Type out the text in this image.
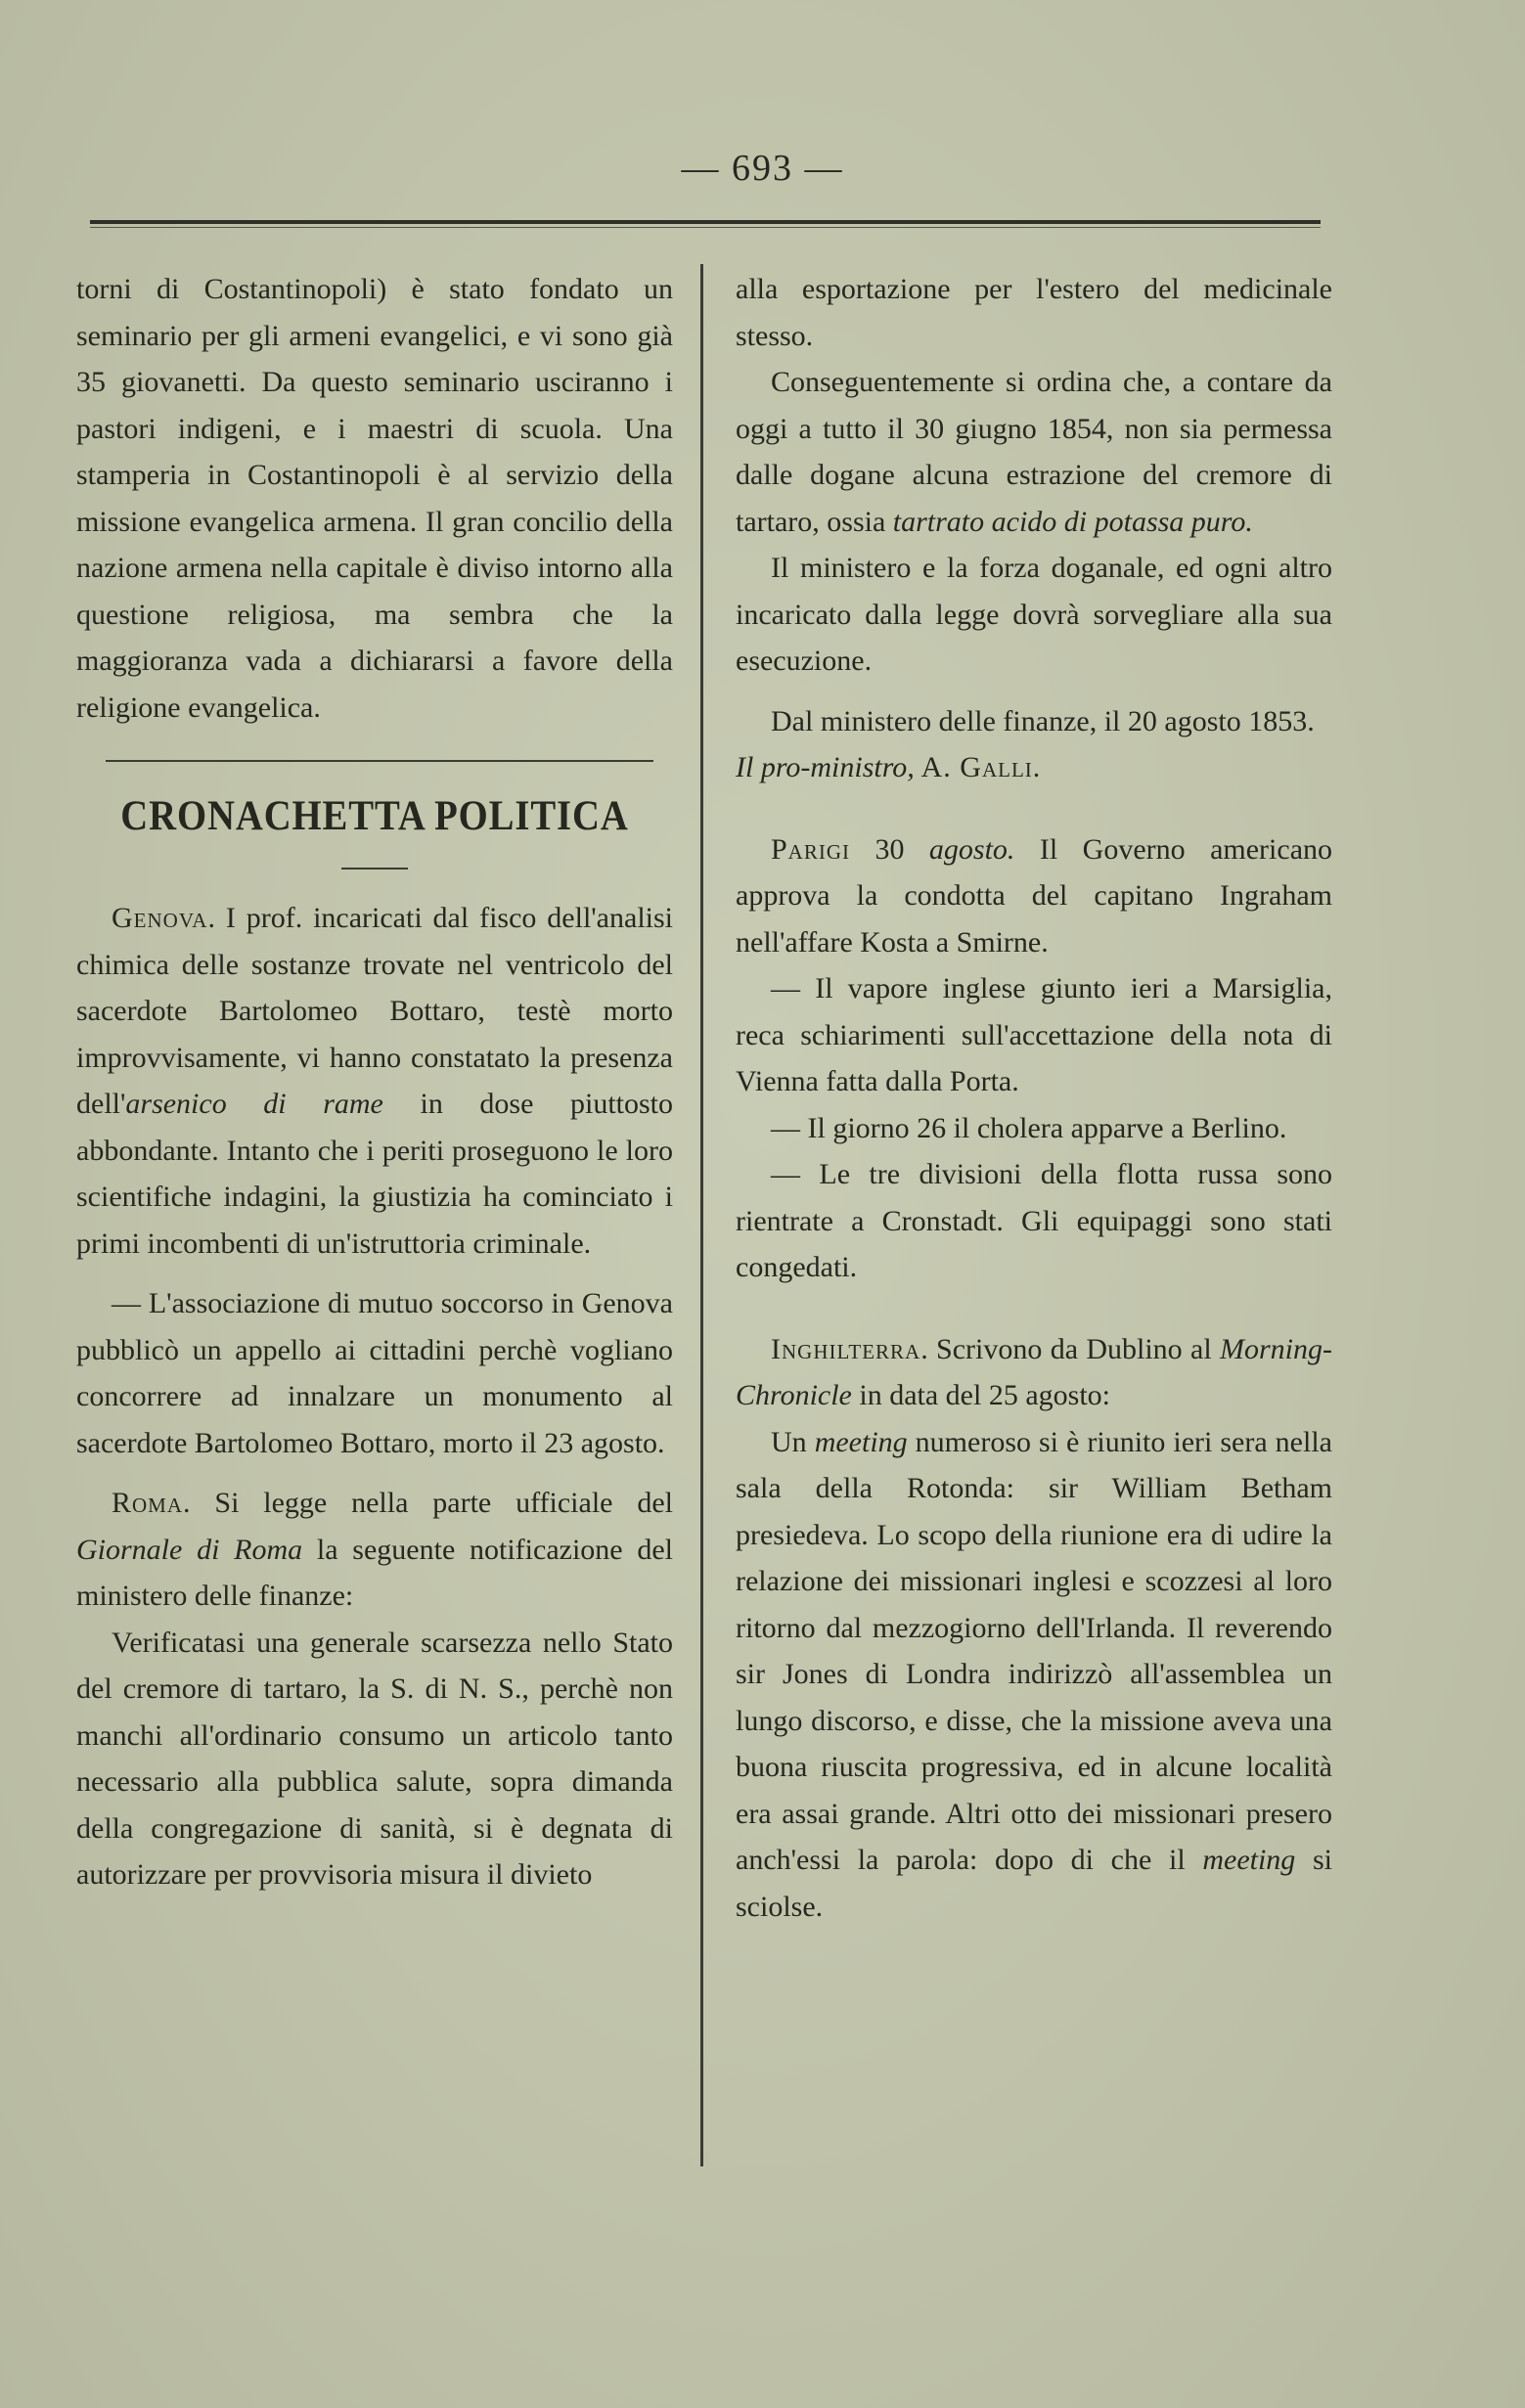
— 693 —

torni di Costantinopoli) è stato fondato un seminario per gli armeni evangelici, e vi sono già 35 giovanetti. Da questo seminario usciranno i pastori indigeni, e i maestri di scuola. Una stamperia in Costantinopoli è al servizio della missione evangelica armena. Il gran concilio della nazione armena nella capitale è diviso intorno alla questione religiosa, ma sembra che la maggioranza vada a dichiararsi a favore della religione evangelica.

CRONACHETTA POLITICA

Genova. I prof. incaricati dal fisco dell'analisi chimica delle sostanze trovate nel ventricolo del sacerdote Bartolomeo Bottaro, testè morto improvvisamente, vi hanno constatato la presenza dell'arsenico di rame in dose piuttosto abbondante. Intanto che i periti proseguono le loro scientifiche indagini, la giustizia ha cominciato i primi incombenti di un'istruttoria criminale.

— L'associazione di mutuo soccorso in Genova pubblicò un appello ai cittadini perchè vogliano concorrere ad innalzare un monumento al sacerdote Bartolomeo Bottaro, morto il 23 agosto.

Roma. Si legge nella parte ufficiale del Giornale di Roma la seguente notificazione del ministero delle finanze:

Verificatasi una generale scarsezza nello Stato del cremore di tartaro, la S. di N. S., perchè non manchi all'ordinario consumo un articolo tanto necessario alla pubblica salute, sopra dimanda della congregazione di sanità, si è degnata di autorizzare per provvisoria misura il divieto

alla esportazione per l'estero del medicinale stesso.

Conseguentemente si ordina che, a contare da oggi a tutto il 30 giugno 1854, non sia permessa dalle dogane alcuna estrazione del cremore di tartaro, ossia tartrato acido di potassa puro.

Il ministero e la forza doganale, ed ogni altro incaricato dalla legge dovrà sorvegliare alla sua esecuzione.

Dal ministero delle finanze, il 20 agosto 1853.

Il pro-ministro, A. Galli.

Parigi 30 agosto. Il Governo americano approva la condotta del capitano Ingraham nell'affare Kosta a Smirne.

— Il vapore inglese giunto ieri a Marsiglia, reca schiarimenti sull'accettazione della nota di Vienna fatta dalla Porta.

— Il giorno 26 il cholera apparve a Berlino.

— Le tre divisioni della flotta russa sono rientrate a Cronstadt. Gli equipaggi sono stati congedati.

Inghilterra. Scrivono da Dublino al Morning-Chronicle in data del 25 agosto:

Un meeting numeroso si è riunito ieri sera nella sala della Rotonda: sir William Betham presiedeva. Lo scopo della riunione era di udire la relazione dei missionari inglesi e scozzesi al loro ritorno dal mezzogiorno dell'Irlanda. Il reverendo sir Jones di Londra indirizzò all'assemblea un lungo discorso, e disse, che la missione aveva una buona riuscita progressiva, ed in alcune località era assai grande. Altri otto dei missionari presero anch'essi la parola: dopo di che il meeting si sciolse.
